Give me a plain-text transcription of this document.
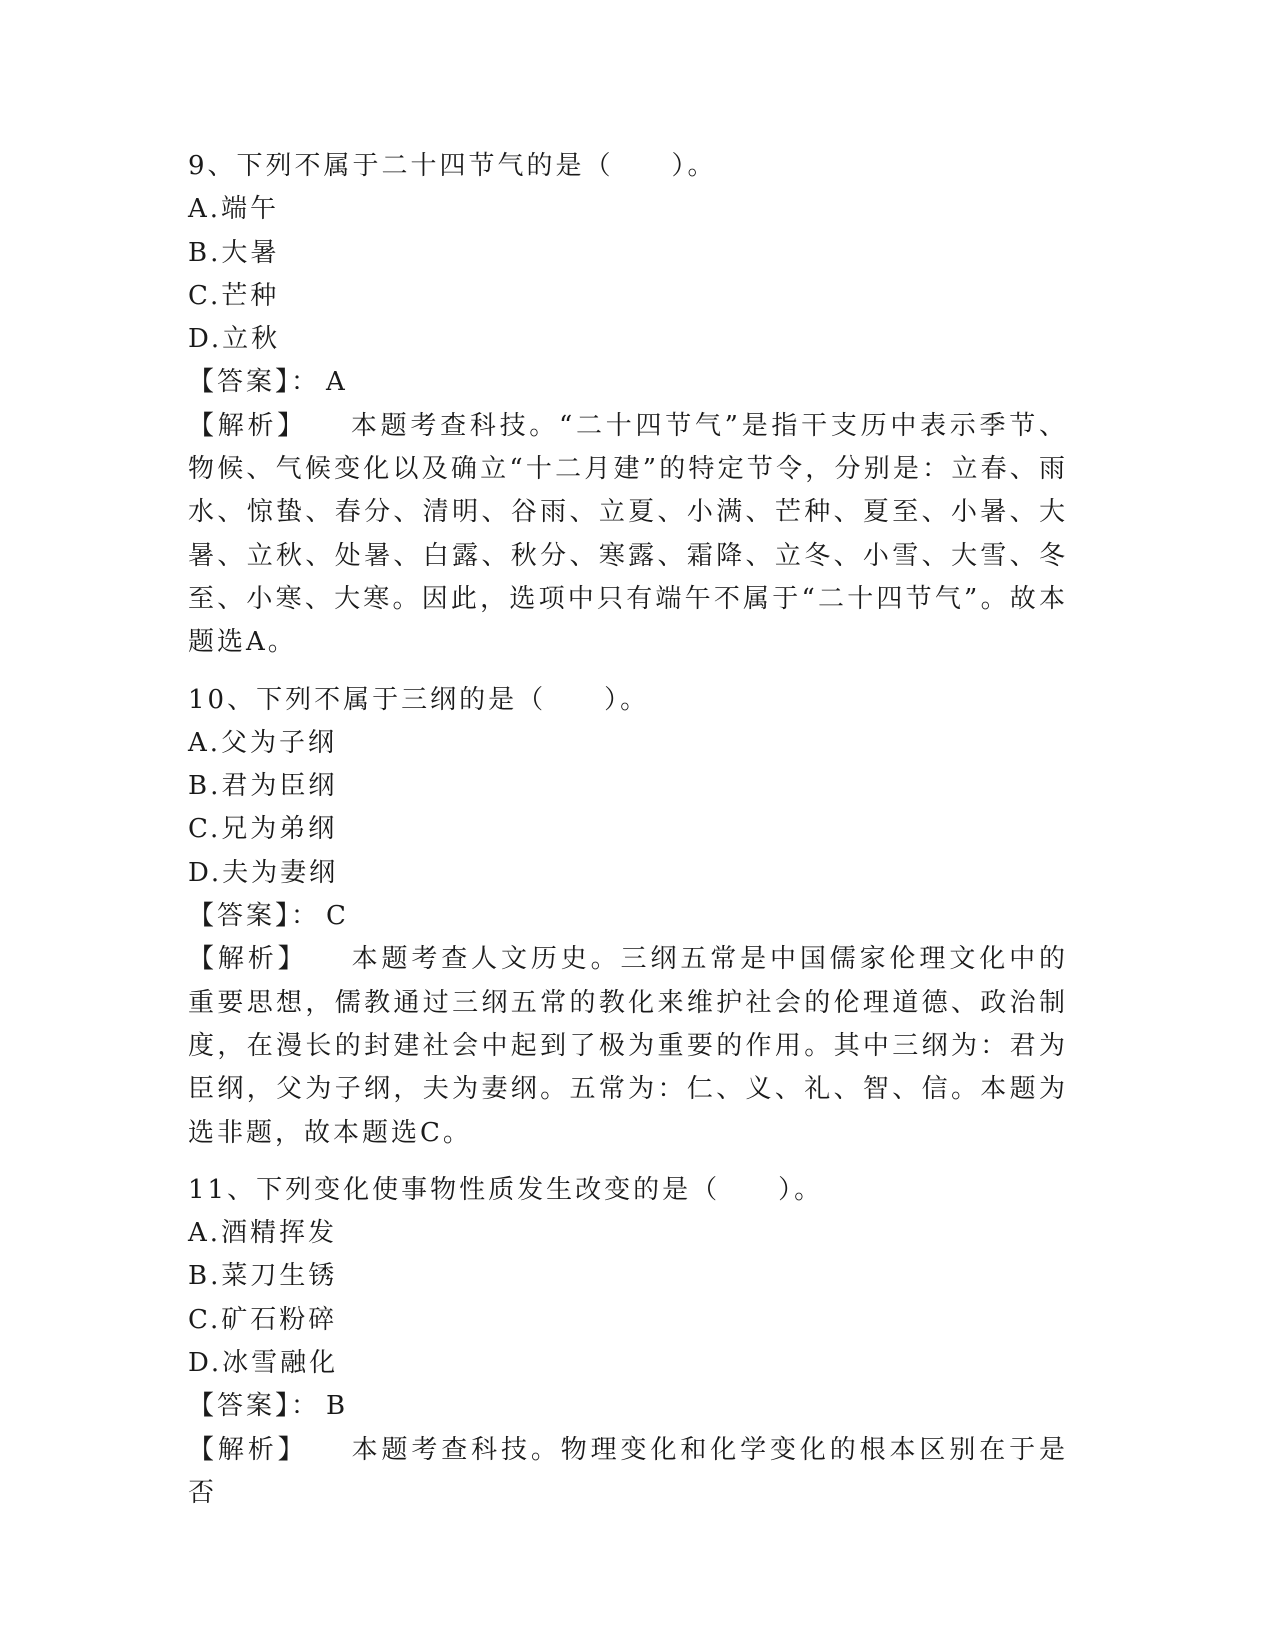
9、下列不属于二十四节气的是（　　）。
A.端午
B.大暑
C.芒种
D.立秋
【答案】： A
【解析】 本题考查科技。“二十四节气”是指干支历中表示季节、物候、气候变化以及确立“十二月建”的特定节令，分别是：立春、雨水、惊蛰、春分、清明、谷雨、立夏、小满、芒种、夏至、小暑、大暑、立秋、处暑、白露、秋分、寒露、霜降、立冬、小雪、大雪、冬至、小寒、大寒。因此，选项中只有端午不属于“二十四节气”。故本题选A。
10、下列不属于三纲的是（　　）。
A.父为子纲
B.君为臣纲
C.兄为弟纲
D.夫为妻纲
【答案】： C
【解析】 本题考查人文历史。三纲五常是中国儒家伦理文化中的重要思想，儒教通过三纲五常的教化来维护社会的伦理道德、政治制度，在漫长的封建社会中起到了极为重要的作用。其中三纲为：君为臣纲，父为子纲，夫为妻纲。五常为：仁、义、礼、智、信。本题为选非题，故本题选C。
11、下列变化使事物性质发生改变的是（　　）。
A.酒精挥发
B.菜刀生锈
C.矿石粉碎
D.冰雪融化
【答案】： B
【解析】 本题考查科技。物理变化和化学变化的根本区别在于是否
